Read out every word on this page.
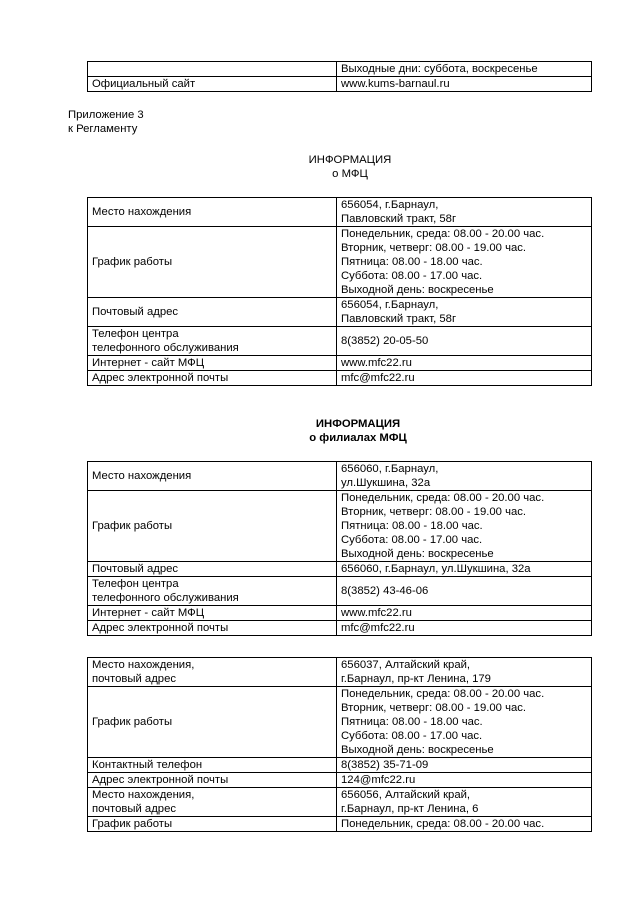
	Выходные дни: суббота, воскресенье

Официальный сайт	www.kums-barnaul.ru
Приложение 3
к Регламенту
ИНФОРМАЦИЯ
о МФЦ
Место нахождения	656054, г.Барнаул,
Павловский тракт, 58г

График работы	Понедельник, среда: 08.00 - 20.00 час.
Вторник, четверг: 08.00 - 19.00 час.
Пятница: 08.00 - 18.00 час.
Суббота: 08.00 - 17.00 час.
Выходной день: воскресенье

Почтовый адрес	656054, г.Барнаул,
Павловский тракт, 58г

Телефон центра
телефонного обслуживания	8(3852) 20-05-50

Интернет - сайт МФЦ	www.mfc22.ru

Адрес электронной почты	mfc@mfc22.ru
ИНФОРМАЦИЯ
о филиалах МФЦ
Место нахождения	656060, г.Барнаул,
ул.Шукшина, 32а

График работы	Понедельник, среда: 08.00 - 20.00 час.
Вторник, четверг: 08.00 - 19.00 час.
Пятница: 08.00 - 18.00 час.
Суббота: 08.00 - 17.00 час.
Выходной день: воскресенье

Почтовый адрес	656060, г.Барнаул, ул.Шукшина, 32а

Телефон центра
телефонного обслуживания	8(3852) 43-46-06

Интернет - сайт МФЦ	www.mfc22.ru

Адрес электронной почты	mfc@mfc22.ru
Место нахождения,
почтовый адрес	656037, Алтайский край,
г.Барнаул, пр-кт Ленина, 179

График работы	Понедельник, среда: 08.00 - 20.00 час.
Вторник, четверг: 08.00 - 19.00 час.
Пятница: 08.00 - 18.00 час.
Суббота: 08.00 - 17.00 час.
Выходной день: воскресенье

Контактный телефон	8(3852) 35-71-09

Адрес электронной почты	124@mfc22.ru

Место нахождения,
почтовый адрес	656056, Алтайский край,
г.Барнаул, пр-кт Ленина, 6

График работы	Понедельник, среда: 08.00 - 20.00 час.
